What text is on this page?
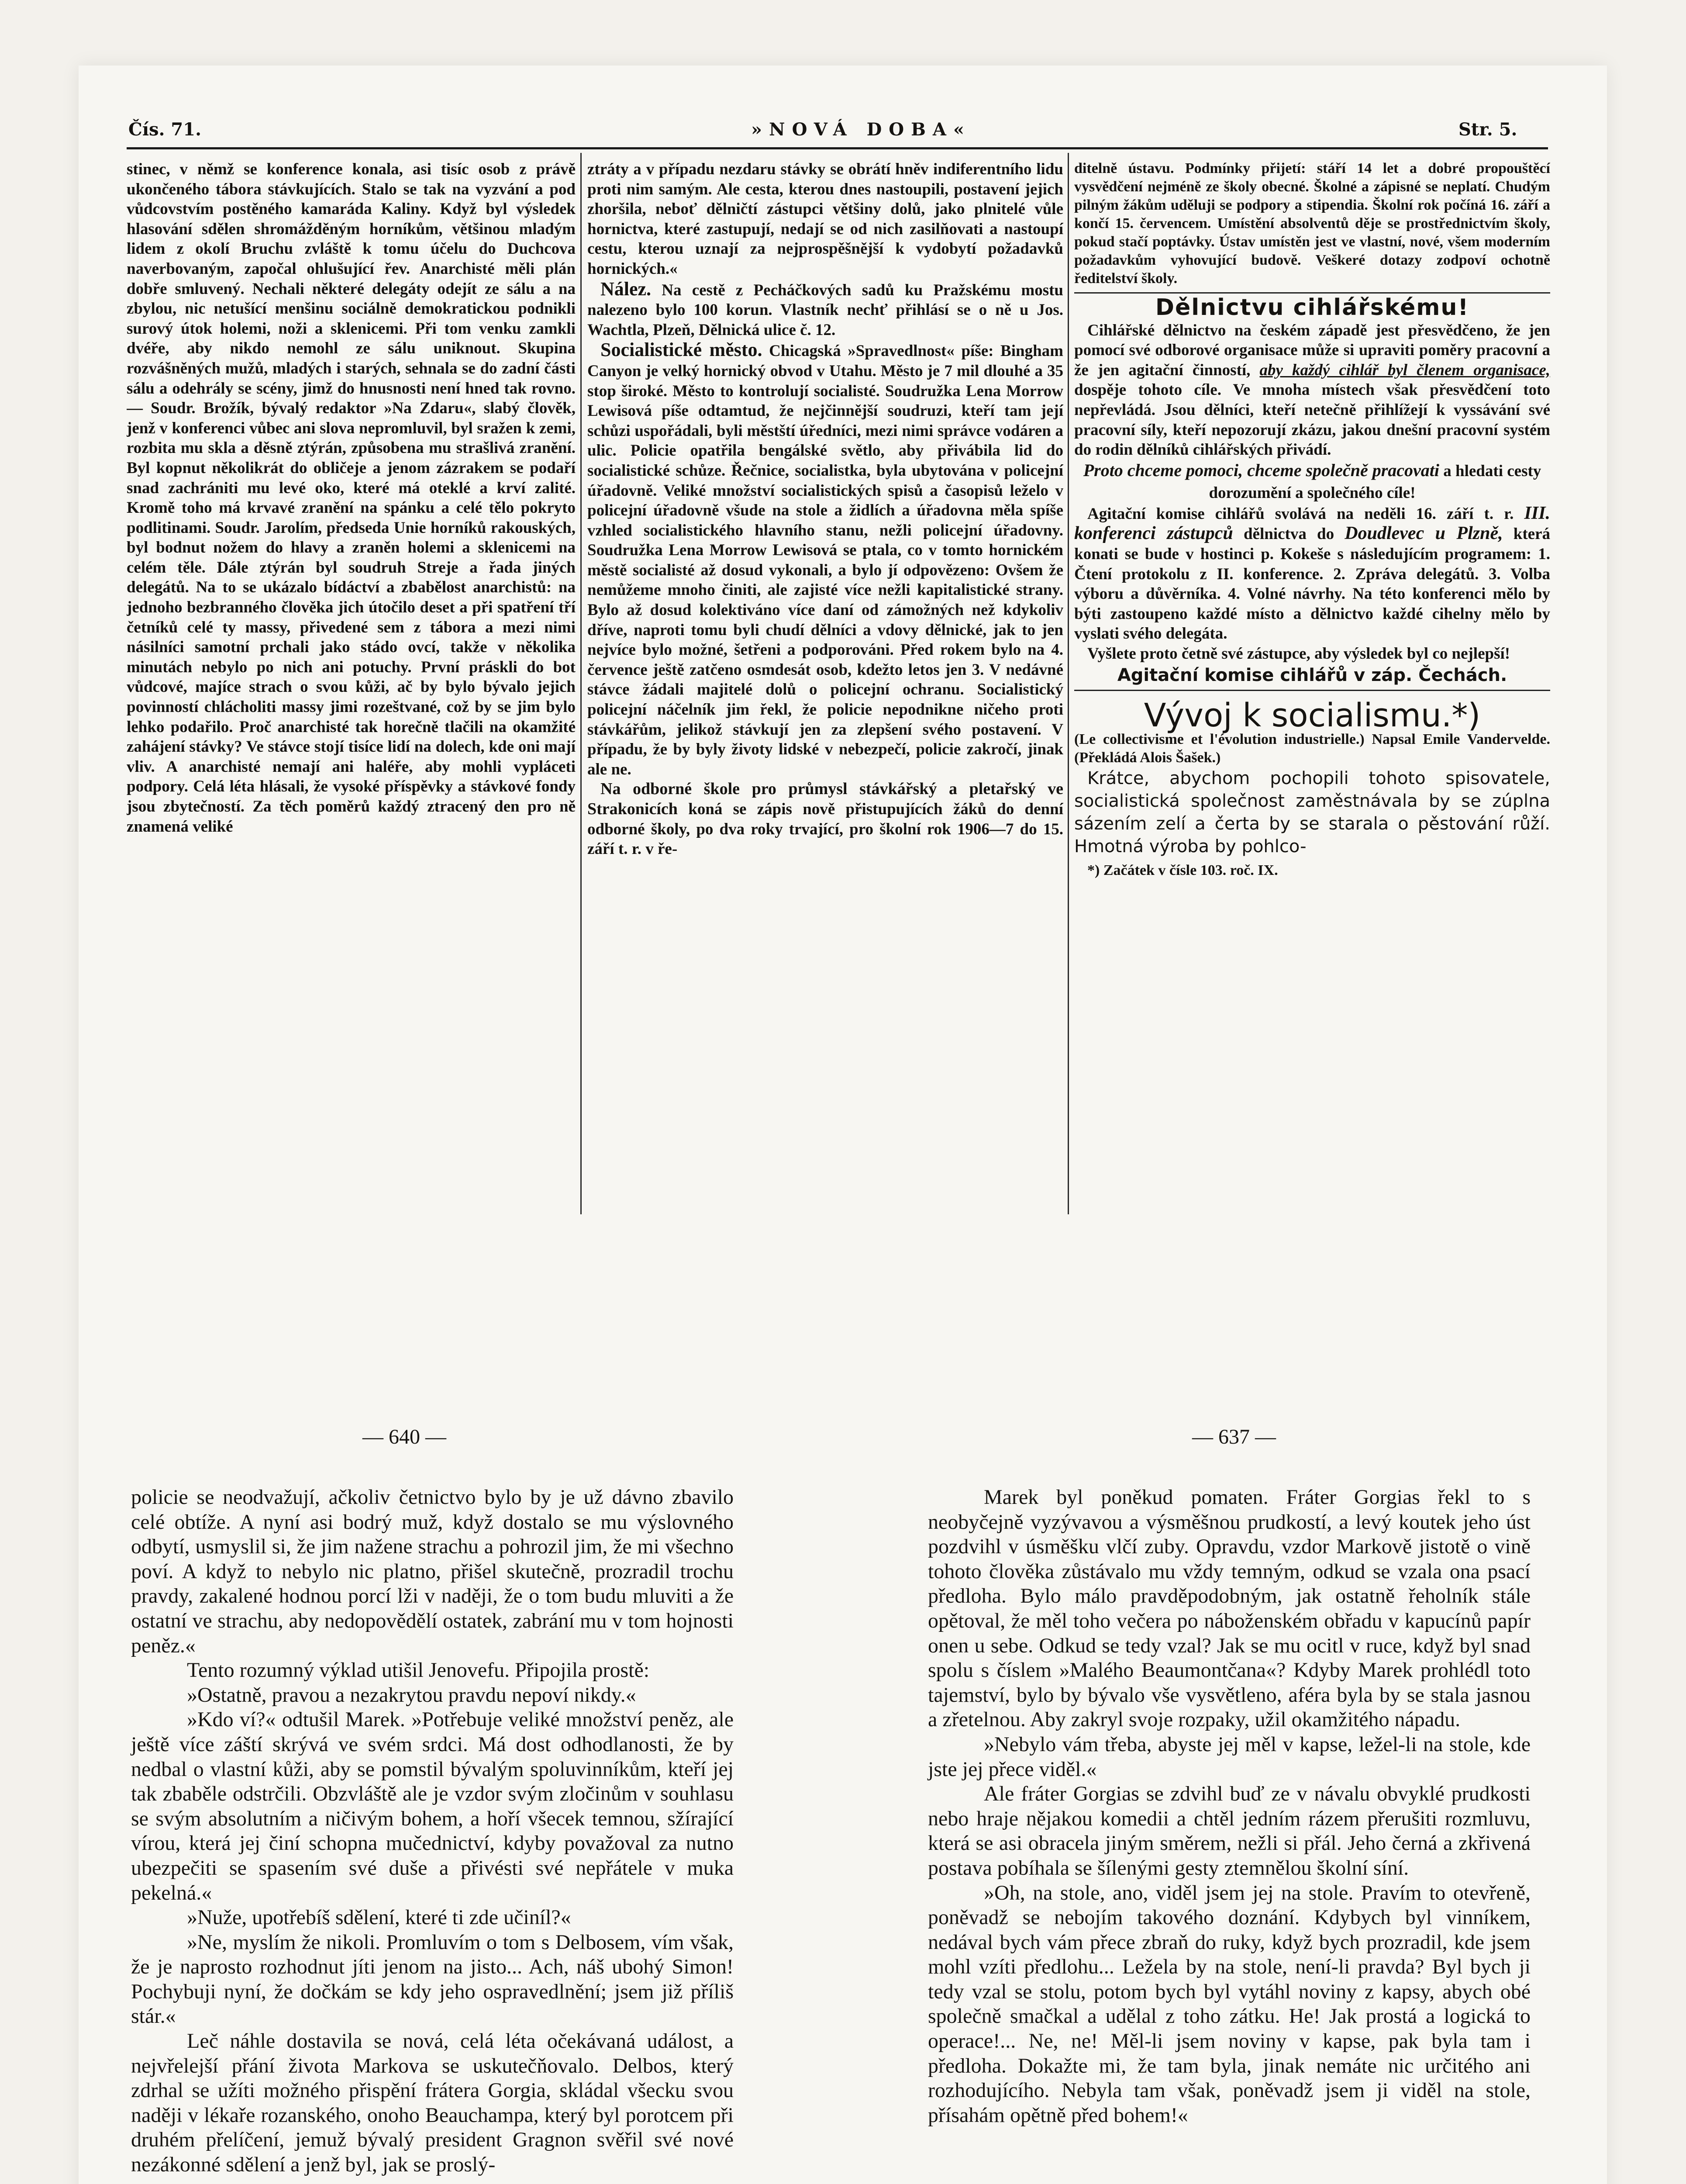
Čís. 71.	»NOVÁ DOBA«	Str. 5.

stinec, v němž se konference konala, asi tisíc osob z právě ukončeného tábora stávkujících. Stalo se tak na vyzvání a pod vůdcovstvím postěného kamaráda Kaliny. Když byl výsledek hlasování sdělen shromážděným horníkům, většinou mladým lidem z okolí Bruchu zvláště k tomu účelu do Duchcova naverbovaným, započal ohlušující řev. Anarchisté měli plán dobře smluvený. Nechali některé delegáty odejít ze sálu a na zbylou, nic netušící menšinu sociálně demokratickou podnikli surový útok holemi, noži a sklenicemi. Při tom venku zamkli dvéře, aby nikdo nemohl ze sálu uniknout. Skupina rozvášněných mužů, mladých i starých, sehnala se do zadní části sálu a odehrály se scény, jimž do hnusnosti není hned tak rovno. — Soudr. Brožík, bývalý redaktor »Na Zdaru«, slabý člověk, jenž v konferenci vůbec ani slova nepromluvil, byl sražen k zemi, rozbita mu skla a děsně ztýrán, způsobena mu strašlivá zranění. Byl kopnut několikrát do obličeje a jenom zázrakem se podaří snad zachrániti mu levé oko, které má oteklé a krví zalité. Kromě toho má krvavé zranění na spánku a celé tělo pokryto podlitinami. Soudr. Jarolím, předseda Unie horníků rakouských, byl bodnut nožem do hlavy a zraněn holemi a sklenicemi na celém těle. Dále ztýrán byl soudruh Streje a řada jiných delegátů. Na to se ukázalo bídáctví a zbabělost anarchistů: na jednoho bezbranného člověka jich útočilo deset a při spatření tří četníků celé ty massy, přivedené sem z tábora a mezi nimi násilníci samotní prchali jako stádo ovcí, takže v několika minutách nebylo po nich ani potuchy. První práskli do bot vůdcové, majíce strach o svou kůži, ač by bylo bývalo jejich povinností chlácholiti massy jimi rozeštvané, což by se jim bylo lehko podařilo. Proč anarchisté tak horečně tlačili na okamžité zahájení stávky? Ve stávce stojí tisíce lidí na dolech, kde oni mají vliv. A anarchisté nemají ani haléře, aby mohli vypláceti podpory. Celá léta hlásali, že vysoké příspěvky a stávkové fondy jsou zbytečností. Za těch poměrů každý ztracený den pro ně znamená veliké

ztráty a v případu nezdaru stávky se obrátí hněv indiferentního lidu proti nim samým. Ale cesta, kterou dnes nastoupili, postavení jejich zhoršila, neboť dělničtí zástupci většiny dolů, jako plnitelé vůle hornictva, které zastupují, nedají se od nich zasilňovati a nastoupí cestu, kterou uznají za nejprospěšnější k vydobytí požadavků hornických.«

Nález. Na cestě z Pecháčkových sadů ku Pražskému mostu nalezeno bylo 100 korun. Vlastník nechť přihlásí se o ně u Jos. Wachtla, Plzeň, Dělnická ulice č. 12.

Socialistické město. Chicagská »Spravedlnost« píše: Bingham Canyon je velký hornický obvod v Utahu. Město je 7 mil dlouhé a 35 stop široké. Město to kontrolují socialisté. Soudružka Lena Morrow Lewisová píše odtamtud, že nejčinnější soudruzi, kteří tam její schůzi uspořádali, byli městští úředníci, mezi nimi správce vodáren a ulic. Policie opatřila bengálské světlo, aby přivábila lid do socialistické schůze. Řečnice, socialistka, byla ubytována v policejní úřadovně. Veliké množství socialistických spisů a časopisů leželo v policejní úřadovně všude na stole a židlích a úřadovna měla spíše vzhled socialistického hlavního stanu, nežli policejní úřadovny. Soudružka Lena Morrow Lewisová se ptala, co v tomto hornickém městě socialisté až dosud vykonali, a bylo jí odpovězeno: Ovšem že nemůžeme mnoho činiti, ale zajisté více nežli kapitalistické strany. Bylo až dosud kolektiváno více daní od zámožných než kdykoliv dříve, naproti tomu byli chudí dělníci a vdovy dělnické, jak to jen nejvíce bylo možné, šetřeni a podporováni. Před rokem bylo na 4. července ještě zatčeno osmdesát osob, kdežto letos jen 3. V nedávné stávce žádali majitelé dolů o policejní ochranu. Socialistický policejní náčelník jim řekl, že policie nepodnikne ničeho proti stávkářům, jelikož stávkují jen za zlepšení svého postavení. V případu, že by byly životy lidské v nebezpečí, policie zakročí, jinak ale ne.

Na odborné škole pro průmysl stávkářský a pletařský ve Strakonicích koná se zápis nově přistupujících žáků do denní odborné školy, po dva roky trvající, pro školní rok 1906—7 do 15. září t. r. v ře-

ditelně ústavu. Podmínky přijetí: stáří 14 let a dobré propouštěcí vysvědčení nejméně ze školy obecné. Školné a zápisné se neplatí. Chudým pilným žákům uděluji se podpory a stipendia. Školní rok počíná 16. září a končí 15. červencem. Umístění absolventů děje se prostřednictvím školy, pokud stačí poptávky. Ústav umístěn jest ve vlastní, nové, všem moderním požadavkům vyhovující budově. Veškeré dotazy zodpoví ochotně ředitelství školy.

Dělnictvu cihlářskému!

Cihlářské dělnictvo na českém západě jest přesvědčeno, že jen pomocí své odborové organisace může si upraviti poměry pracovní a že jen agitační činností, aby každý cihlář byl členem organisace, dospěje tohoto cíle. Ve mnoha místech však přesvědčení toto nepřevládá. Jsou dělníci, kteří netečně přihlížejí k vyssávání své pracovní síly, kteří nepozorují zkázu, jakou dnešní pracovní systém do rodin dělníků cihlářských přivádí.

Proto chceme pomoci, chceme společně pracovati a hledati cesty dorozumění a společného cíle!

Agitační komise cihlářů svolává na neděli 16. září t. r. III. konferenci zástupců dělnictva do Doudlevec u Plzně, která konati se bude v hostinci p. Kokeše s následujícím programem: 1. Čtení protokolu z II. konference. 2. Zpráva delegátů. 3. Volba výboru a důvěrníka. 4. Volné návrhy. Na této konferenci mělo by býti zastoupeno každé místo a dělnictvo každé cihelny mělo by vyslati svého delegáta.

Vyšlete proto četně své zástupce, aby výsledek byl co nejlepší!

Agitační komise cihlářů v záp. Čechách.
Vývoj k socialismu.*)

(Le collectivisme et l'évolution industrielle.) Napsal Emile Vandervelde. (Překládá Alois Šašek.)

Krátce, abychom pochopili tohoto spisovatele, socialistická společnost zaměstnávala by se zúplna sázením zelí a čerta by se starala o pěstování růží. Hmotná výroba by pohlco-

*) Začátek v čísle 103. roč. IX.

— 640 —	— 637 —

policie se neodvažují, ačkoliv četnictvo bylo by je už dávno zbavilo celé obtíže. A nyní asi bodrý muž, když dostalo se mu výslovného odbytí, usmyslil si, že jim nažene strachu a pohrozil jim, že mi všechno poví. A když to nebylo nic platno, přišel skutečně, prozradil trochu pravdy, zakalené hodnou porcí lži v naději, že o tom budu mluviti a že ostatní ve strachu, aby nedopovědělí ostatek, zabrání mu v tom hojnosti peněz.«

Tento rozumný výklad utišil Jenovefu. Připojila prostě:

»Ostatně, pravou a nezakrytou pravdu nepoví nikdy.«

»Kdo ví?« odtušil Marek. »Potřebuje veliké množství peněz, ale ještě více záští skrývá ve svém srdci. Má dost odhodlanosti, že by nedbal o vlastní kůži, aby se pomstil bývalým spoluvinníkům, kteří jej tak zbaběle odstrčili. Obzvláště ale je vzdor svým zločinům v souhlasu se svým absolutním a ničivým bohem, a hoří všecek temnou, sžírající vírou, která jej činí schopna mučednictví, kdyby považoval za nutno ubezpečiti se spasením své duše a přivésti své nepřátele v muka pekelná.«

»Nuže, upotřebíš sdělení, které ti zde učiníl?«

»Ne, myslím že nikoli. Promluvím o tom s Delbosem, vím však, že je naprosto rozhodnut jíti jenom na jisto... Ach, náš ubohý Simon! Pochybuji nyní, že dočkám se kdy jeho ospravedlnění; jsem již příliš stár.«

Leč náhle dostavila se nová, celá léta očekávaná událost, a nejvřelejší přání života Markova se uskutečňovalo. Delbos, který zdrhal se užíti možného přispění frátera Gorgia, skládal všecku svou naději v lékaře rozanského, onoho Beauchampa, který byl porotcem při druhém přelíčení, jemuž bývalý president Gragnon svěřil své nové nezákonné sdělení a jenž byl, jak se proslý-

Marek byl poněkud pomaten. Fráter Gorgias řekl to s neobyčejně vyzývavou a výsměšnou prudkostí, a levý koutek jeho úst pozdvihl v úsměšku vlčí zuby. Opravdu, vzdor Markově jistotě o vině tohoto člověka zůstávalo mu vždy temným, odkud se vzala ona psací předloha. Bylo málo pravděpodobným, jak ostatně řeholník stále opětoval, že měl toho večera po náboženském obřadu v kapucínů papír onen u sebe. Odkud se tedy vzal? Jak se mu ocitl v ruce, když byl snad spolu s číslem »Malého Beaumontčana«? Kdyby Marek prohlédl toto tajemství, bylo by bývalo vše vysvětleno, aféra byla by se stala jasnou a zřetelnou. Aby zakryl svoje rozpaky, užil okamžitého nápadu.

»Nebylo vám třeba, abyste jej měl v kapse, ležel-li na stole, kde jste jej přece viděl.«

Ale fráter Gorgias se zdvihl buď ze v návalu obvyklé prudkosti nebo hraje nějakou komedii a chtěl jedním rázem přerušiti rozmluvu, která se asi obracela jiným směrem, nežli si přál. Jeho černá a zkřivená postava pobíhala se šílenými gesty ztemnělou školní síní.

»Oh, na stole, ano, viděl jsem jej na stole. Pravím to otevřeně, poněvadž se nebojím takového doznání. Kdybych byl vinníkem, nedával bych vám přece zbraň do ruky, když bych prozradil, kde jsem mohl vzíti předlohu... Ležela by na stole, není-li pravda? Byl bych ji tedy vzal se stolu, potom bych byl vytáhl noviny z kapsy, abych obé společně smačkal a udělal z toho zátku. He! Jak prostá a logická to operace!... Ne, ne! Měl-li jsem noviny v kapse, pak byla tam i předloha. Dokažte mi, že tam byla, jinak nemáte nic určitého ani rozhodujícího. Nebyla tam však, poněvadž jsem ji viděl na stole, přísahám opětně před bohem!«
